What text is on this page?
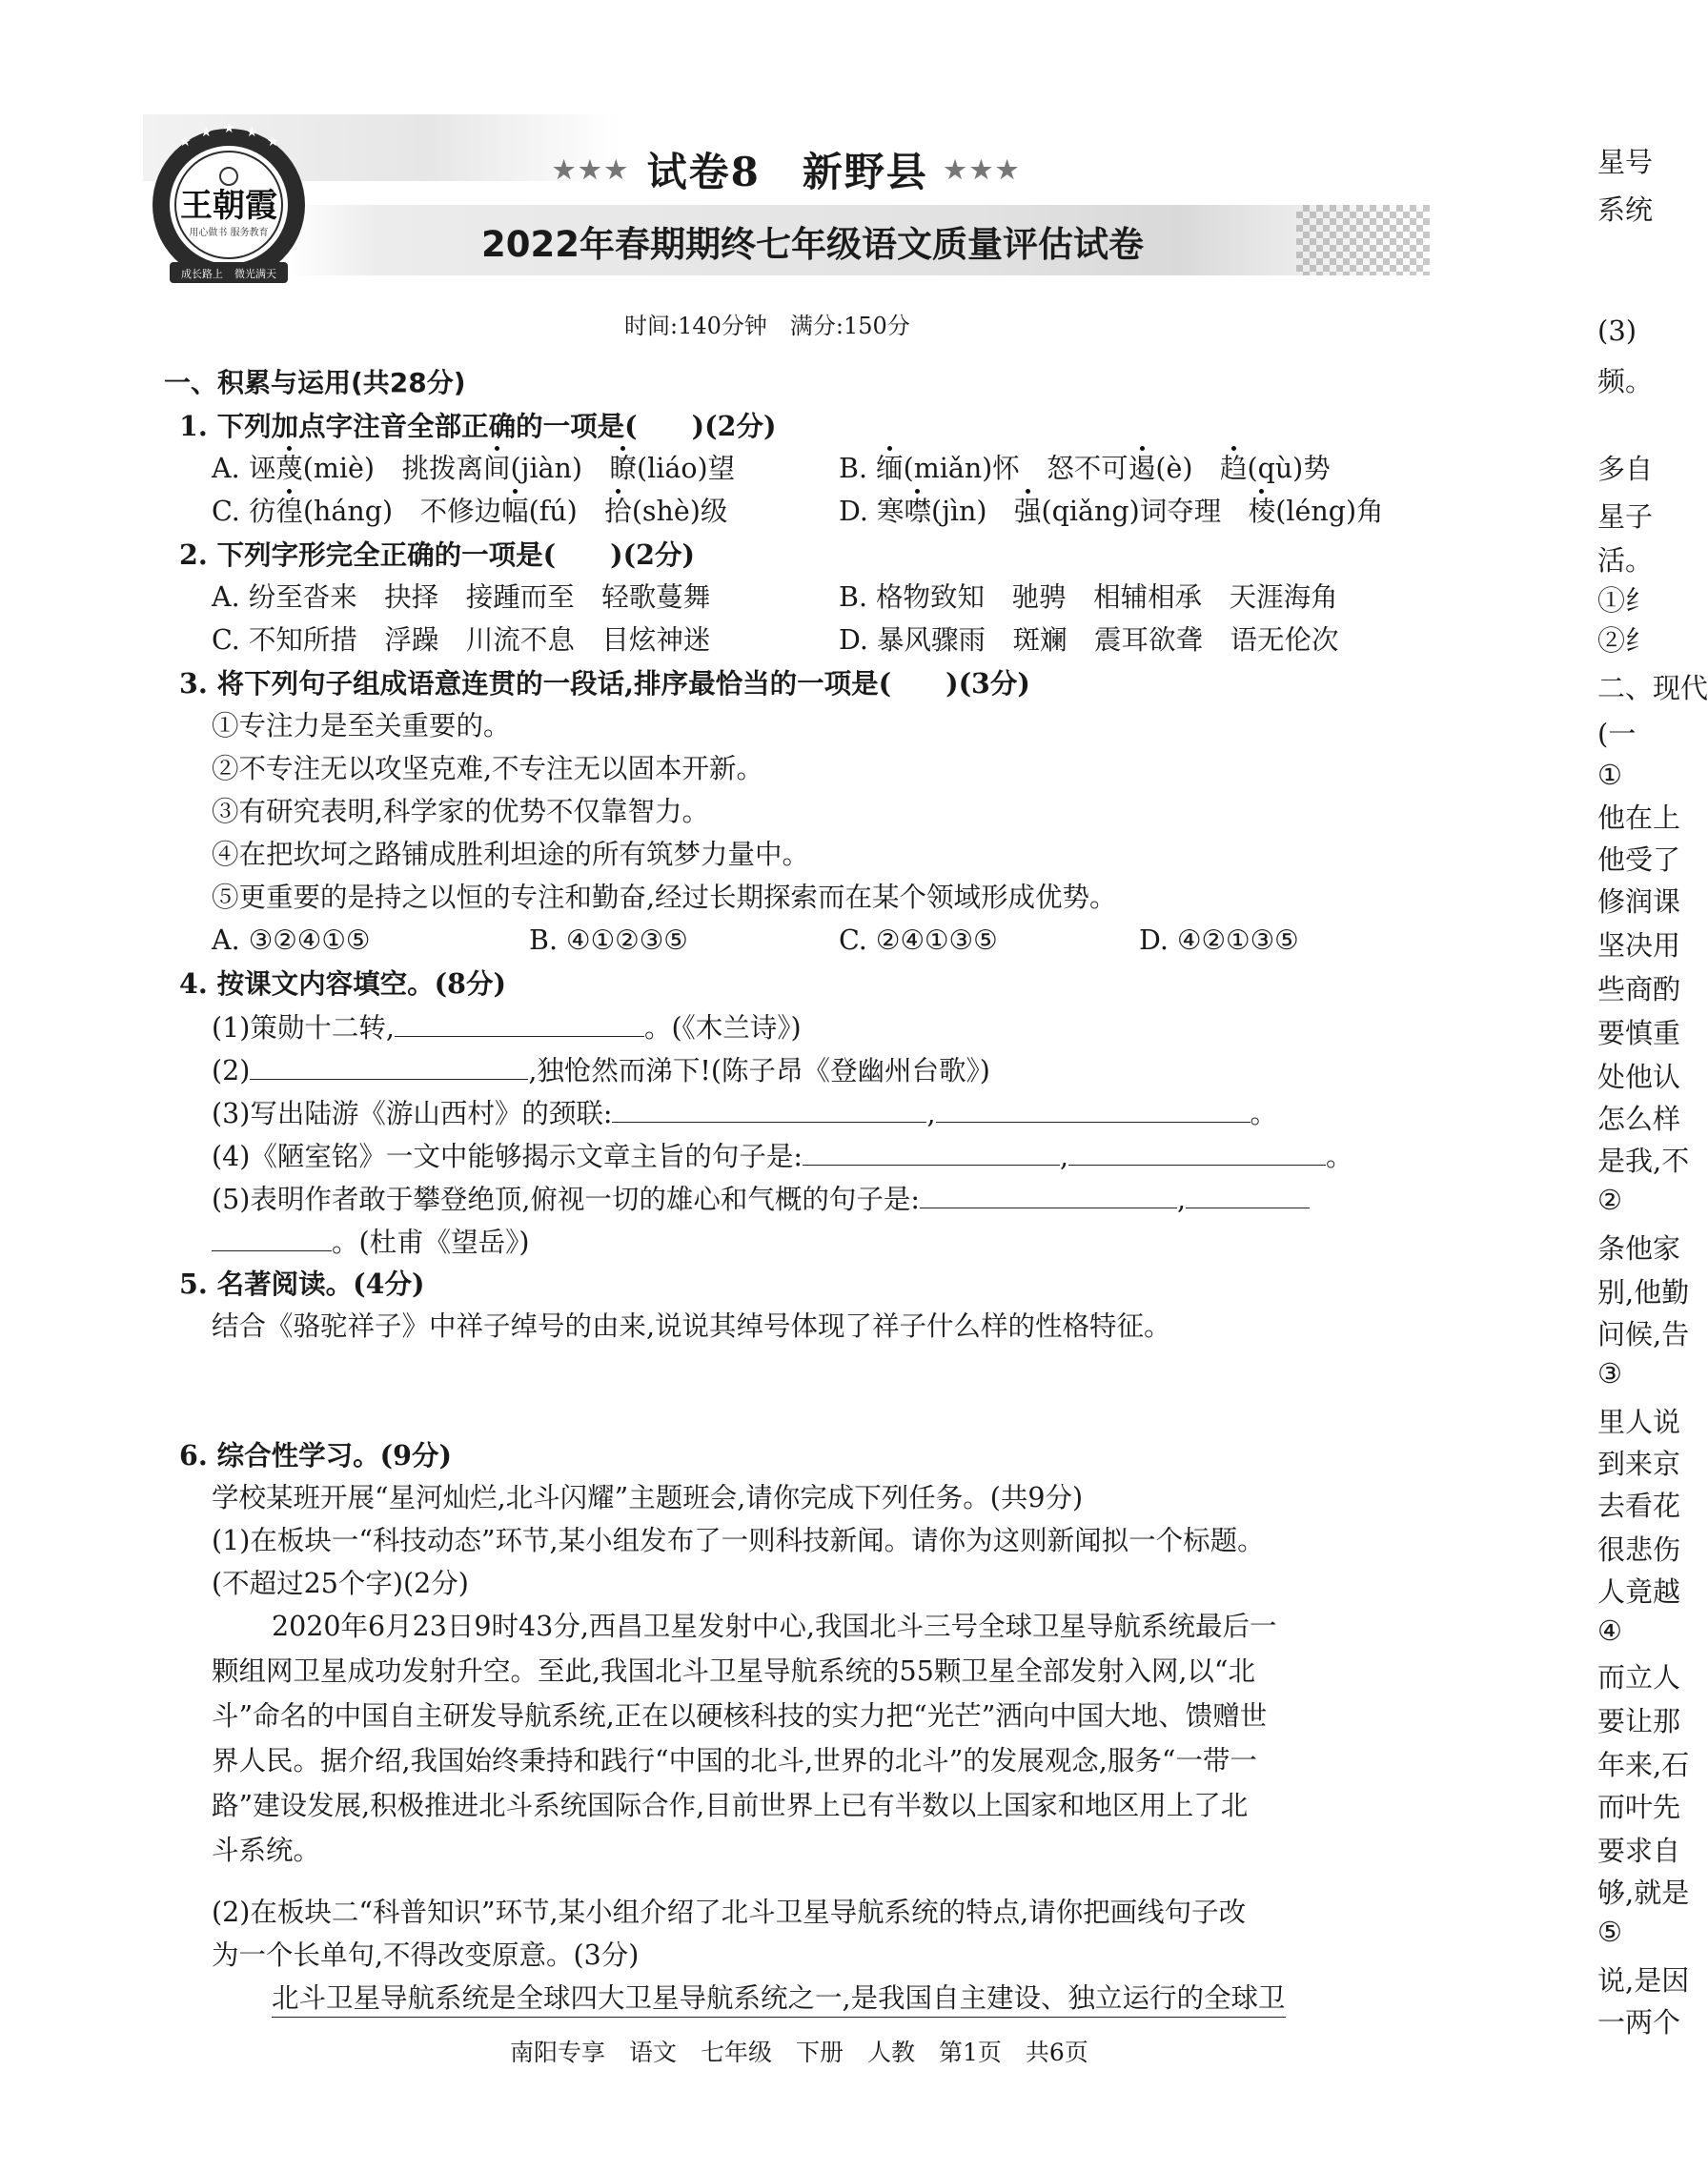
★
★ ★ ★
★
王朝霞
用心做书 服务教育
成长路上 微光满天
★★★ 试卷8　新野县 ★★★
2022年春期期终七年级语文质量评估试卷
时间:140分钟　满分:150分
一、积累与运用(共28分)
1. 下列加点字注音全部正确的一项是(　　)(2分)
A. 诬蔑(miè)　挑拨离间(jiàn)　瞭(liáo)望	B. 缅(miǎn)怀　怒不可遏(è)　趋(qù)势
C. 彷徨(háng)　不修边幅(fú)　拾(shè)级	D. 寒噤(jìn)　强(qiǎng)词夺理　棱(léng)角
2. 下列字形完全正确的一项是(　　)(2分)
A. 纷至沓来　抉择　接踵而至　轻歌蔓舞	B. 格物致知　驰骋　相辅相承　天涯海角
C. 不知所措　浮躁　川流不息　目炫神迷	D. 暴风骤雨　斑斓　震耳欲聋　语无伦次
3. 将下列句子组成语意连贯的一段话,排序最恰当的一项是(　　)(3分)
①专注力是至关重要的。
②不专注无以攻坚克难,不专注无以固本开新。
③有研究表明,科学家的优势不仅靠智力。
④在把坎坷之路铺成胜利坦途的所有筑梦力量中。
⑤更重要的是持之以恒的专注和勤奋,经过长期探索而在某个领域形成优势。
A. ③②④①⑤	B. ④①②③⑤	C. ②④①③⑤	D. ④②①③⑤
4. 按课文内容填空。(8分)
(1)策勋十二转,	。(《木兰诗》)
(2)	,独怆然而涕下!(陈子昂《登幽州台歌》)
(3)写出陆游《游山西村》的颈联:	,	。
(4)《陋室铭》一文中能够揭示文章主旨的句子是:	,	。
(5)表明作者敢于攀登绝顶,俯视一切的雄心和气概的句子是:	,
。(杜甫《望岳》)
5. 名著阅读。(4分)
结合《骆驼祥子》中祥子绰号的由来,说说其绰号体现了祥子什么样的性格特征。
6. 综合性学习。(9分)
学校某班开展“星河灿烂,北斗闪耀”主题班会,请你完成下列任务。(共9分)
(1)在板块一“科技动态”环节,某小组发布了一则科技新闻。请你为这则新闻拟一个标题。
(不超过25个字)(2分)
2020年6月23日9时43分,西昌卫星发射中心,我国北斗三号全球卫星导航系统最后一
颗组网卫星成功发射升空。至此,我国北斗卫星导航系统的55颗卫星全部发射入网,以“北
斗”命名的中国自主研发导航系统,正在以硬核科技的实力把“光芒”洒向中国大地、馈赠世
界人民。据介绍,我国始终秉持和践行“中国的北斗,世界的北斗”的发展观念,服务“一带一
路”建设发展,积极推进北斗系统国际合作,目前世界上已有半数以上国家和地区用上了北
斗系统。
(2)在板块二“科普知识”环节,某小组介绍了北斗卫星导航系统的特点,请你把画线句子改
为一个长单句,不得改变原意。(3分)
北斗卫星导航系统是全球四大卫星导航系统之一,是我国自主建设、独立运行的全球卫
南阳专享　语文　七年级　下册　人教　第1页　共6页
星号
系统
(3)
频。
多自
星子
活。
①纟
②纟
二、现代
(一
①
他在上
他受了
修润课
坚决用
些商酌
要慎重
处他认
怎么样
是我,不
②
条他家
别,他勤
问候,告
③
里人说
到来京
去看花
很悲伤
人竟越
④
而立人
要让那
年来,石
而叶先
要求自
够,就是
⑤
说,是因
一两个
